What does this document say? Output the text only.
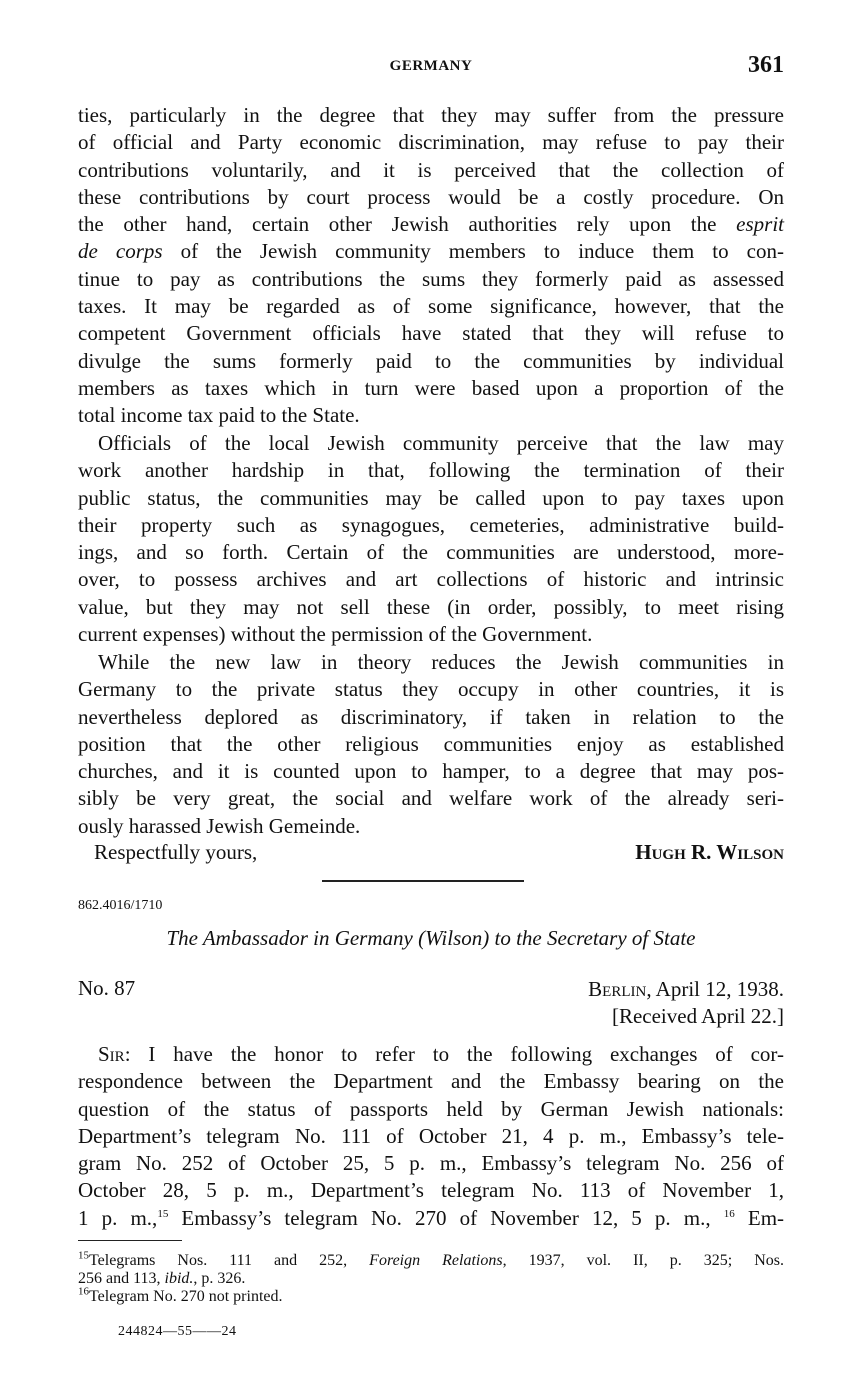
GERMANY	361
ties, particularly in the degree that they may suffer from the pressure
of official and Party economic discrimination, may refuse to pay their
contributions voluntarily, and it is perceived that the collection of
these contributions by court process would be a costly procedure. On
the other hand, certain other Jewish authorities rely upon the esprit
de corps of the Jewish community members to induce them to con-
tinue to pay as contributions the sums they formerly paid as assessed
taxes. It may be regarded as of some significance, however, that the
competent Government officials have stated that they will refuse to
divulge the sums formerly paid to the communities by individual
members as taxes which in turn were based upon a proportion of the
total income tax paid to the State.
Officials of the local Jewish community perceive that the law may
work another hardship in that, following the termination of their
public status, the communities may be called upon to pay taxes upon
their property such as synagogues, cemeteries, administrative build-
ings, and so forth. Certain of the communities are understood, more-
over, to possess archives and art collections of historic and intrinsic
value, but they may not sell these (in order, possibly, to meet rising
current expenses) without the permission of the Government.
While the new law in theory reduces the Jewish communities in
Germany to the private status they occupy in other countries, it is
nevertheless deplored as discriminatory, if taken in relation to the
position that the other religious communities enjoy as established
churches, and it is counted upon to hamper, to a degree that may pos-
sibly be very great, the social and welfare work of the already seri-
ously harassed Jewish Gemeinde.
Respectfully yours,	Hugh R. Wilson
862.4016/1710
The Ambassador in Germany (Wilson) to the Secretary of State
No. 87	Berlin, April 12, 1938.
[Received April 22.]
Sir: I have the honor to refer to the following exchanges of cor-
respondence between the Department and the Embassy bearing on the
question of the status of passports held by German Jewish nationals:
Department’s telegram No. 111 of October 21, 4 p. m., Embassy’s tele-
gram No. 252 of October 25, 5 p. m., Embassy’s telegram No. 256 of
October 28, 5 p. m., Department’s telegram No. 113 of November 1,
1 p. m.,$^{15}$ Embassy’s telegram No. 270 of November 12, 5 p. m., $^{16}$ Em-
$^{15}$Telegrams Nos. 111 and 252, Foreign Relations, 1937, vol. II, p. 325; Nos.
256 and 113, ibid., p. 326.
$^{16}$Telegram No. 270 not printed.
244824—55——24
